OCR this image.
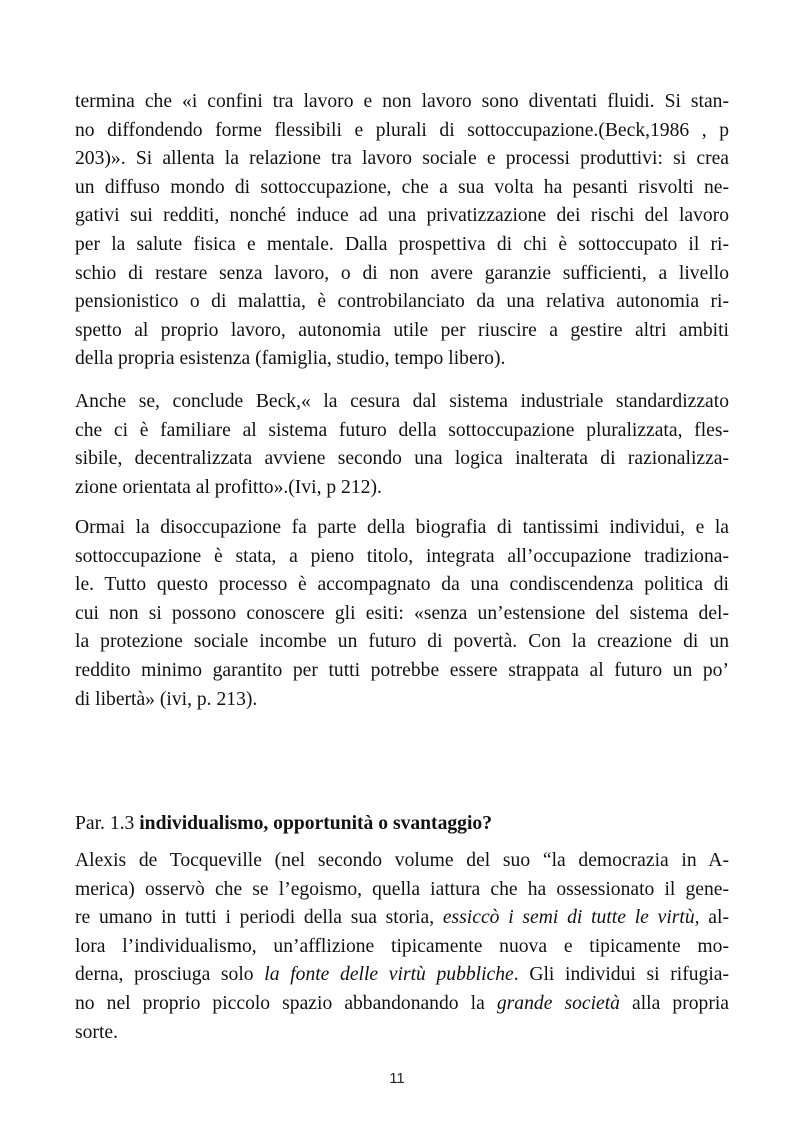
termina che «i confini tra lavoro e non lavoro sono diventati fluidi. Si stan-
no diffondendo forme flessibili e plurali di sottoccupazione.(Beck,1986 , p
203)». Si allenta la relazione tra lavoro sociale e processi produttivi: si crea
un diffuso mondo di sottoccupazione, che a sua volta ha pesanti risvolti ne-
gativi sui redditi, nonché induce ad una privatizzazione dei rischi del lavoro
per la salute fisica e mentale. Dalla prospettiva di chi è sottoccupato il ri-
schio di restare senza lavoro, o di non avere garanzie sufficienti, a livello
pensionistico o di malattia, è controbilanciato da una relativa autonomia ri-
spetto al proprio lavoro, autonomia utile per riuscire a gestire altri ambiti
della propria esistenza (famiglia, studio, tempo libero).
Anche se, conclude Beck,« la cesura dal sistema industriale standardizzato
che ci è familiare al sistema futuro della sottoccupazione pluralizzata, fles-
sibile, decentralizzata avviene secondo una logica inalterata di razionalizza-
zione orientata al profitto».(Ivi, p 212).
Ormai la disoccupazione fa parte della biografia di tantissimi individui, e la
sottoccupazione è stata, a pieno titolo, integrata all’occupazione tradiziona-
le. Tutto questo processo è accompagnato da una condiscendenza politica di
cui non si possono conoscere gli esiti: «senza un’estensione del sistema del-
la protezione sociale incombe un futuro di povertà. Con la creazione di un
reddito minimo garantito per tutti potrebbe essere strappata al futuro un po’
di libertà» (ivi, p. 213).
Par. 1.3 individualismo, opportunità o svantaggio?
Alexis de Tocqueville (nel secondo volume del suo “la democrazia in A-
merica) osservò che se l’egoismo, quella iattura che ha ossessionato il gene-
re umano in tutti i periodi della sua storia, essiccò i semi di tutte le virtù, al-
lora l’individualismo, un’afflizione tipicamente nuova e tipicamente mo-
derna, prosciuga solo la fonte delle virtù pubbliche. Gli individui si rifugia-
no nel proprio piccolo spazio abbandonando la grande società alla propria
sorte.
11
